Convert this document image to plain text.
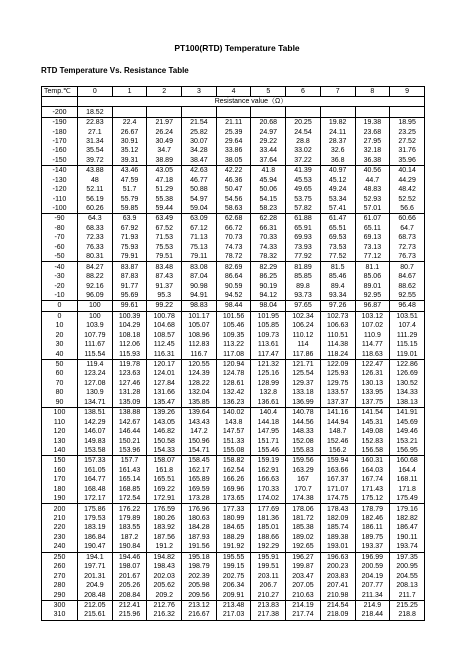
PT100(RTD) Temperature Table
RTD Temperature Vs. Resistance Table
Temp.℃	0	1	2	3	4	5	6	7	8	9
	Resistance value（Ω）									
-200	18.52									
-190	22.83	22.4	21.97	21.54	21.11	20.68	20.25	19.82	19.38	18.95
-180	27.1	26.67	26.24	25.82	25.39	24.97	24.54	24.11	23.68	23.25
-170	31.34	30.91	30.49	30.07	29.64	29.22	28.8	28.37	27.95	27.52
-160	35.54	35.12	34.7	34.28	33.86	33.44	33.02	32.6	32.18	31.76
-150	39.72	39.31	38.89	38.47	38.05	37.64	37.22	36.8	36.38	35.96
-140	43.88	43.46	43.05	42.63	42.22	41.8	41.39	40.97	40.56	40.14
-130	48	47.59	47.18	46.77	46.36	45.94	45.53	45.12	44.7	44.29
-120	52.11	51.7	51.29	50.88	50.47	50.06	49.65	49.24	48.83	48.42
-110	56.19	55.79	55.38	54.97	54.56	54.15	53.75	53.34	52.93	52.52
-100	60.26	59.85	59.44	59.04	58.63	58.23	57.82	57.41	57.01	56.6
-90	64.3	63.9	63.49	63.09	62.68	62.28	61.88	61.47	61.07	60.66
-80	68.33	67.92	67.52	67.12	66.72	66.31	65.91	65.51	65.11	64.7
-70	72.33	71.93	71.53	71.13	70.73	70.33	69.93	69.53	69.13	68.73
-60	76.33	75.93	75.53	75.13	74.73	74.33	73.93	73.53	73.13	72.73
-50	80.31	79.91	79.51	79.11	78.72	78.32	77.92	77.52	77.12	76.73
-40	84.27	83.87	83.48	83.08	82.69	82.29	81.89	81.5	81.1	80.7
-30	88.22	87.83	87.43	87.04	86.64	86.25	85.85	85.46	85.06	84.67
-20	92.16	91.77	91.37	90.98	90.59	90.19	89.8	89.4	89.01	88.62
-10	96.09	95.69	95.3	94.91	94.52	94.12	93.73	93.34	92.95	92.55
0	100	99.61	99.22	98.83	98.44	98.04	97.65	97.26	96.87	96.48
0	100	100.39	100.78	101.17	101.56	101.95	102.34	102.73	103.12	103.51
10	103.9	104.29	104.68	105.07	105.46	105.85	106.24	106.63	107.02	107.4
20	107.79	108.18	108.57	108.96	109.35	109.73	110.12	110.51	110.9	111.29
30	111.67	112.06	112.45	112.83	113.22	113.61	114	114.38	114.77	115.15
40	115.54	115.93	116.31	116.7	117.08	117.47	117.86	118.24	118.63	119.01
50	119.4	119.78	120.17	120.55	120.94	121.32	121.71	122.09	122.47	122.86
60	123.24	123.63	124.01	124.39	124.78	125.16	125.54	125.93	126.31	126.69
70	127.08	127.46	127.84	128.22	128.61	128.99	129.37	129.75	130.13	130.52
80	130.9	131.28	131.66	132.04	132.42	132.8	133.18	133.57	133.95	134.33
90	134.71	135.09	135.47	135.85	136.23	136.61	136.99	137.37	137.75	138.13
100	138.51	138.88	139.26	139.64	140.02	140.4	140.78	141.16	141.54	141.91
110	142.29	142.67	143.05	143.43	143.8	144.18	144.56	144.94	145.31	145.69
120	146.07	146.44	146.82	147.2	147.57	147.95	148.33	148.7	149.08	149.46
130	149.83	150.21	150.58	150.96	151.33	151.71	152.08	152.46	152.83	153.21
140	153.58	153.96	154.33	154.71	155.08	155.46	155.83	156.2	156.58	156.95
150	157.33	157.7	158.07	158.45	158.82	159.19	159.56	159.94	160.31	160.68
160	161.05	161.43	161.8	162.17	162.54	162.91	163.29	163.66	164.03	164.4
170	164.77	165.14	165.51	165.89	166.26	166.63	167	167.37	167.74	168.11
180	168.48	168.85	169.22	169.59	169.96	170.33	170.7	171.07	171.43	171.8
190	172.17	172.54	172.91	173.28	173.65	174.02	174.38	174.75	175.12	175.49
200	175.86	176.22	176.59	176.96	177.33	177.69	178.06	178.43	178.79	179.16
210	179.53	179.89	180.26	180.63	180.99	181.36	181.72	182.09	182.46	182.82
220	183.19	183.55	183.92	184.28	184.65	185.01	185.38	185.74	186.11	186.47
230	186.84	187.2	187.56	187.93	188.29	188.66	189.02	189.38	189.75	190.11
240	190.47	190.84	191.2	191.56	191.92	192.29	192.65	193.01	193.37	193.74
250	194.1	194.46	194.82	195.18	195.55	195.91	196.27	196.63	196.99	197.35
260	197.71	198.07	198.43	198.79	199.15	199.51	199.87	200.23	200.59	200.95
270	201.31	201.67	202.03	202.39	202.75	203.11	203.47	203.83	204.19	204.55
280	204.9	205.26	205.62	205.98	206.34	206.7	207.05	207.41	207.77	208.13
290	208.48	208.84	209.2	209.56	209.91	210.27	210.63	210.98	211.34	211.7
300	212.05	212.41	212.76	213.12	213.48	213.83	214.19	214.54	214.9	215.25
310	215.61	215.96	216.32	216.67	217.03	217.38	217.74	218.09	218.44	218.8
